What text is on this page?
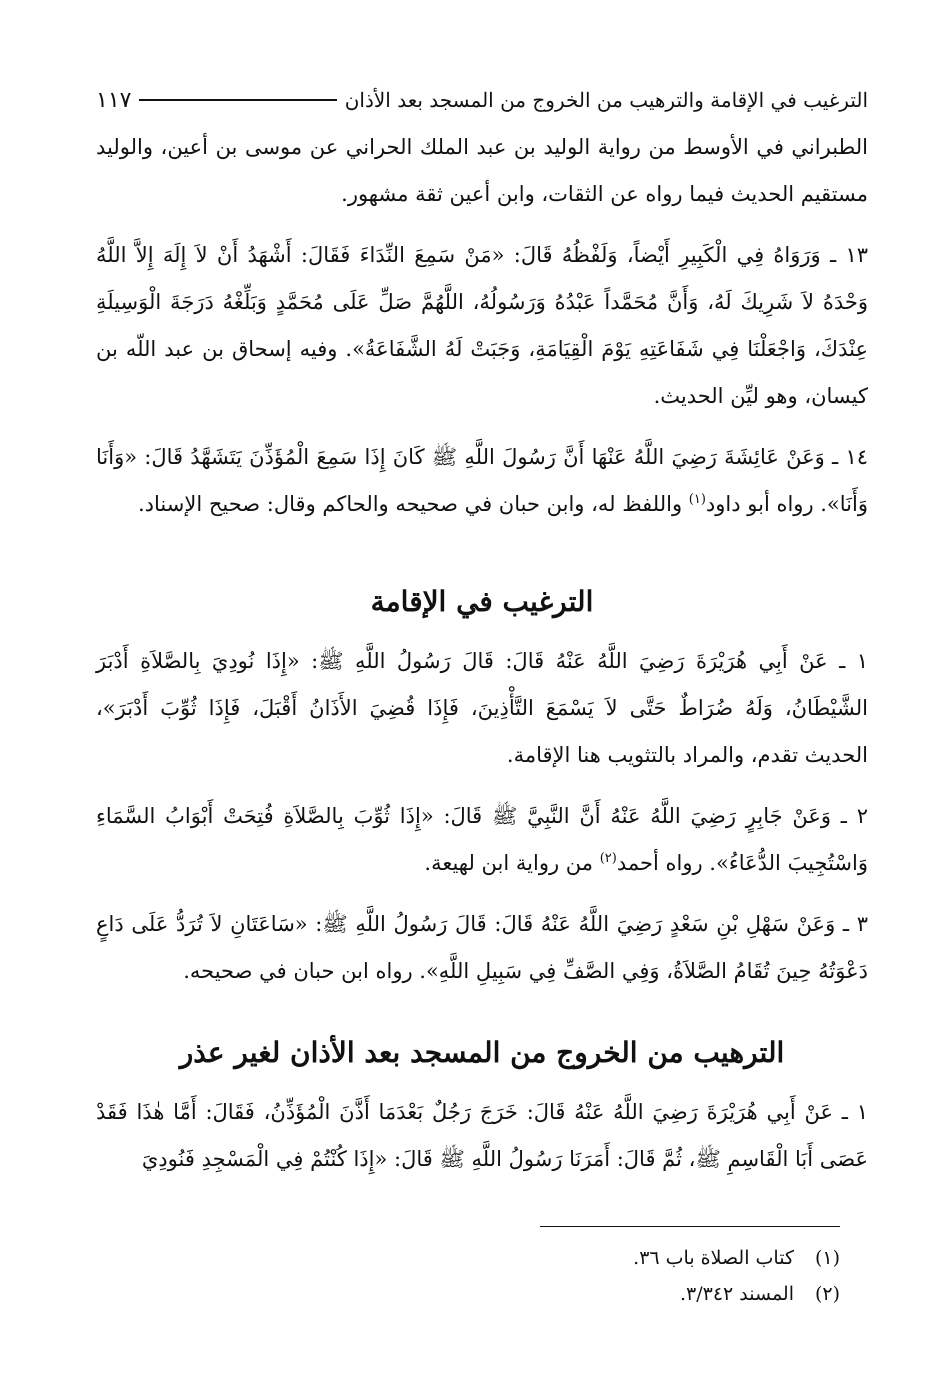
الترغيب في الإقامة والترهيب من الخروج من المسجد بعد الأذان
١١٧

الطبراني في الأوسط من رواية الوليد بن عبد الملك الحراني عن موسى بن أعين، والوليد مستقيم الحديث فيما رواه عن الثقات، وابن أعين ثقة مشهور.

١٣ ـ وَرَوَاهُ فِي الْكَبِيرِ أَيْضاً، وَلَفْظُهُ قَالَ: «مَنْ سَمِعَ النِّدَاءَ فَقَالَ: أَشْهَدُ أَنْ لاَ إِلَهَ إِلاَّ اللَّهُ وَحْدَهُ لاَ شَرِيكَ لَهُ، وَأَنَّ مُحَمَّداً عَبْدُهُ وَرَسُولُهُ، اللَّهُمَّ صَلِّ عَلَى مُحَمَّدٍ وَبَلِّغْهُ دَرَجَةَ الْوَسِيلَةِ عِنْدَكَ، وَاجْعَلْنَا فِي شَفَاعَتِهِ يَوْمَ الْقِيَامَةِ، وَجَبَتْ لَهُ الشَّفَاعَةُ». وفيه إسحاق بن عبد اللّه بن كيسان، وهو ليِّن الحديث.

١٤ ـ وَعَنْ عَائِشَةَ رَضِيَ اللَّهُ عَنْهَا أَنَّ رَسُولَ اللَّهِ ﷺ كَانَ إِذَا سَمِعَ الْمُؤَذِّنَ يَتَشَهَّدُ قَالَ: «وَأَنَا وَأَنَا». رواه أبو داود$^{(١)}$ واللفظ له، وابن حبان في صحيحه والحاكم وقال: صحيح الإسناد.

الترغيب في الإقامة

١ ـ عَنْ أَبِي هُرَيْرَةَ رَضِيَ اللَّهُ عَنْهُ قَالَ: قَالَ رَسُولُ اللَّهِ ﷺ: «إِذَا نُودِيَ بِالصَّلاَةِ أَدْبَرَ الشَّيْطَانُ، وَلَهُ ضُرَاطٌ حَتَّى لاَ يَسْمَعَ التَّأْذِينَ، فَإِذَا قُضِيَ الأَذَانُ أَقْبَلَ، فَإِذَا ثُوِّبَ أَدْبَرَ»، الحديث تقدم، والمراد بالتثويب هنا الإقامة.

٢ ـ وَعَنْ جَابِرٍ رَضِيَ اللَّهُ عَنْهُ أَنَّ النَّبِيَّ ﷺ قَالَ: «إِذَا ثُوِّبَ بِالصَّلاَةِ فُتِحَتْ أَبْوَابُ السَّمَاءِ وَاسْتُجِيبَ الدُّعَاءُ». رواه أحمد$^{(٢)}$ من رواية ابن لهيعة.

٣ ـ وَعَنْ سَهْلِ بْنِ سَعْدٍ رَضِيَ اللَّهُ عَنْهُ قَالَ: قَالَ رَسُولُ اللَّهِ ﷺ: «سَاعَتَانِ لاَ تُرَدُّ عَلَى دَاعٍ دَعْوَتُهُ حِينَ تُقَامُ الصَّلاَةُ، وَفِي الصَّفِّ فِي سَبِيلِ اللَّهِ». رواه ابن حبان في صحيحه.

الترهيب من الخروج من المسجد بعد الأذان لغير عذر

١ ـ عَنْ أَبِي هُرَيْرَةَ رَضِيَ اللَّهُ عَنْهُ قَالَ: خَرَجَ رَجُلٌ بَعْدَمَا أَذَّنَ الْمُؤَذِّنُ، فَقَالَ: أَمَّا هٰذَا فَقَدْ عَصَى أَبَا الْقَاسِمِ ﷺ، ثُمَّ قَالَ: أَمَرَنَا رَسُولُ اللَّهِ ﷺ قَالَ: «إِذَا كُنْتُمْ فِي الْمَسْجِدِ فَنُودِيَ

(١)كتاب الصلاة باب ٣٦.
(٢)المسند ٣/٣٤٢.
